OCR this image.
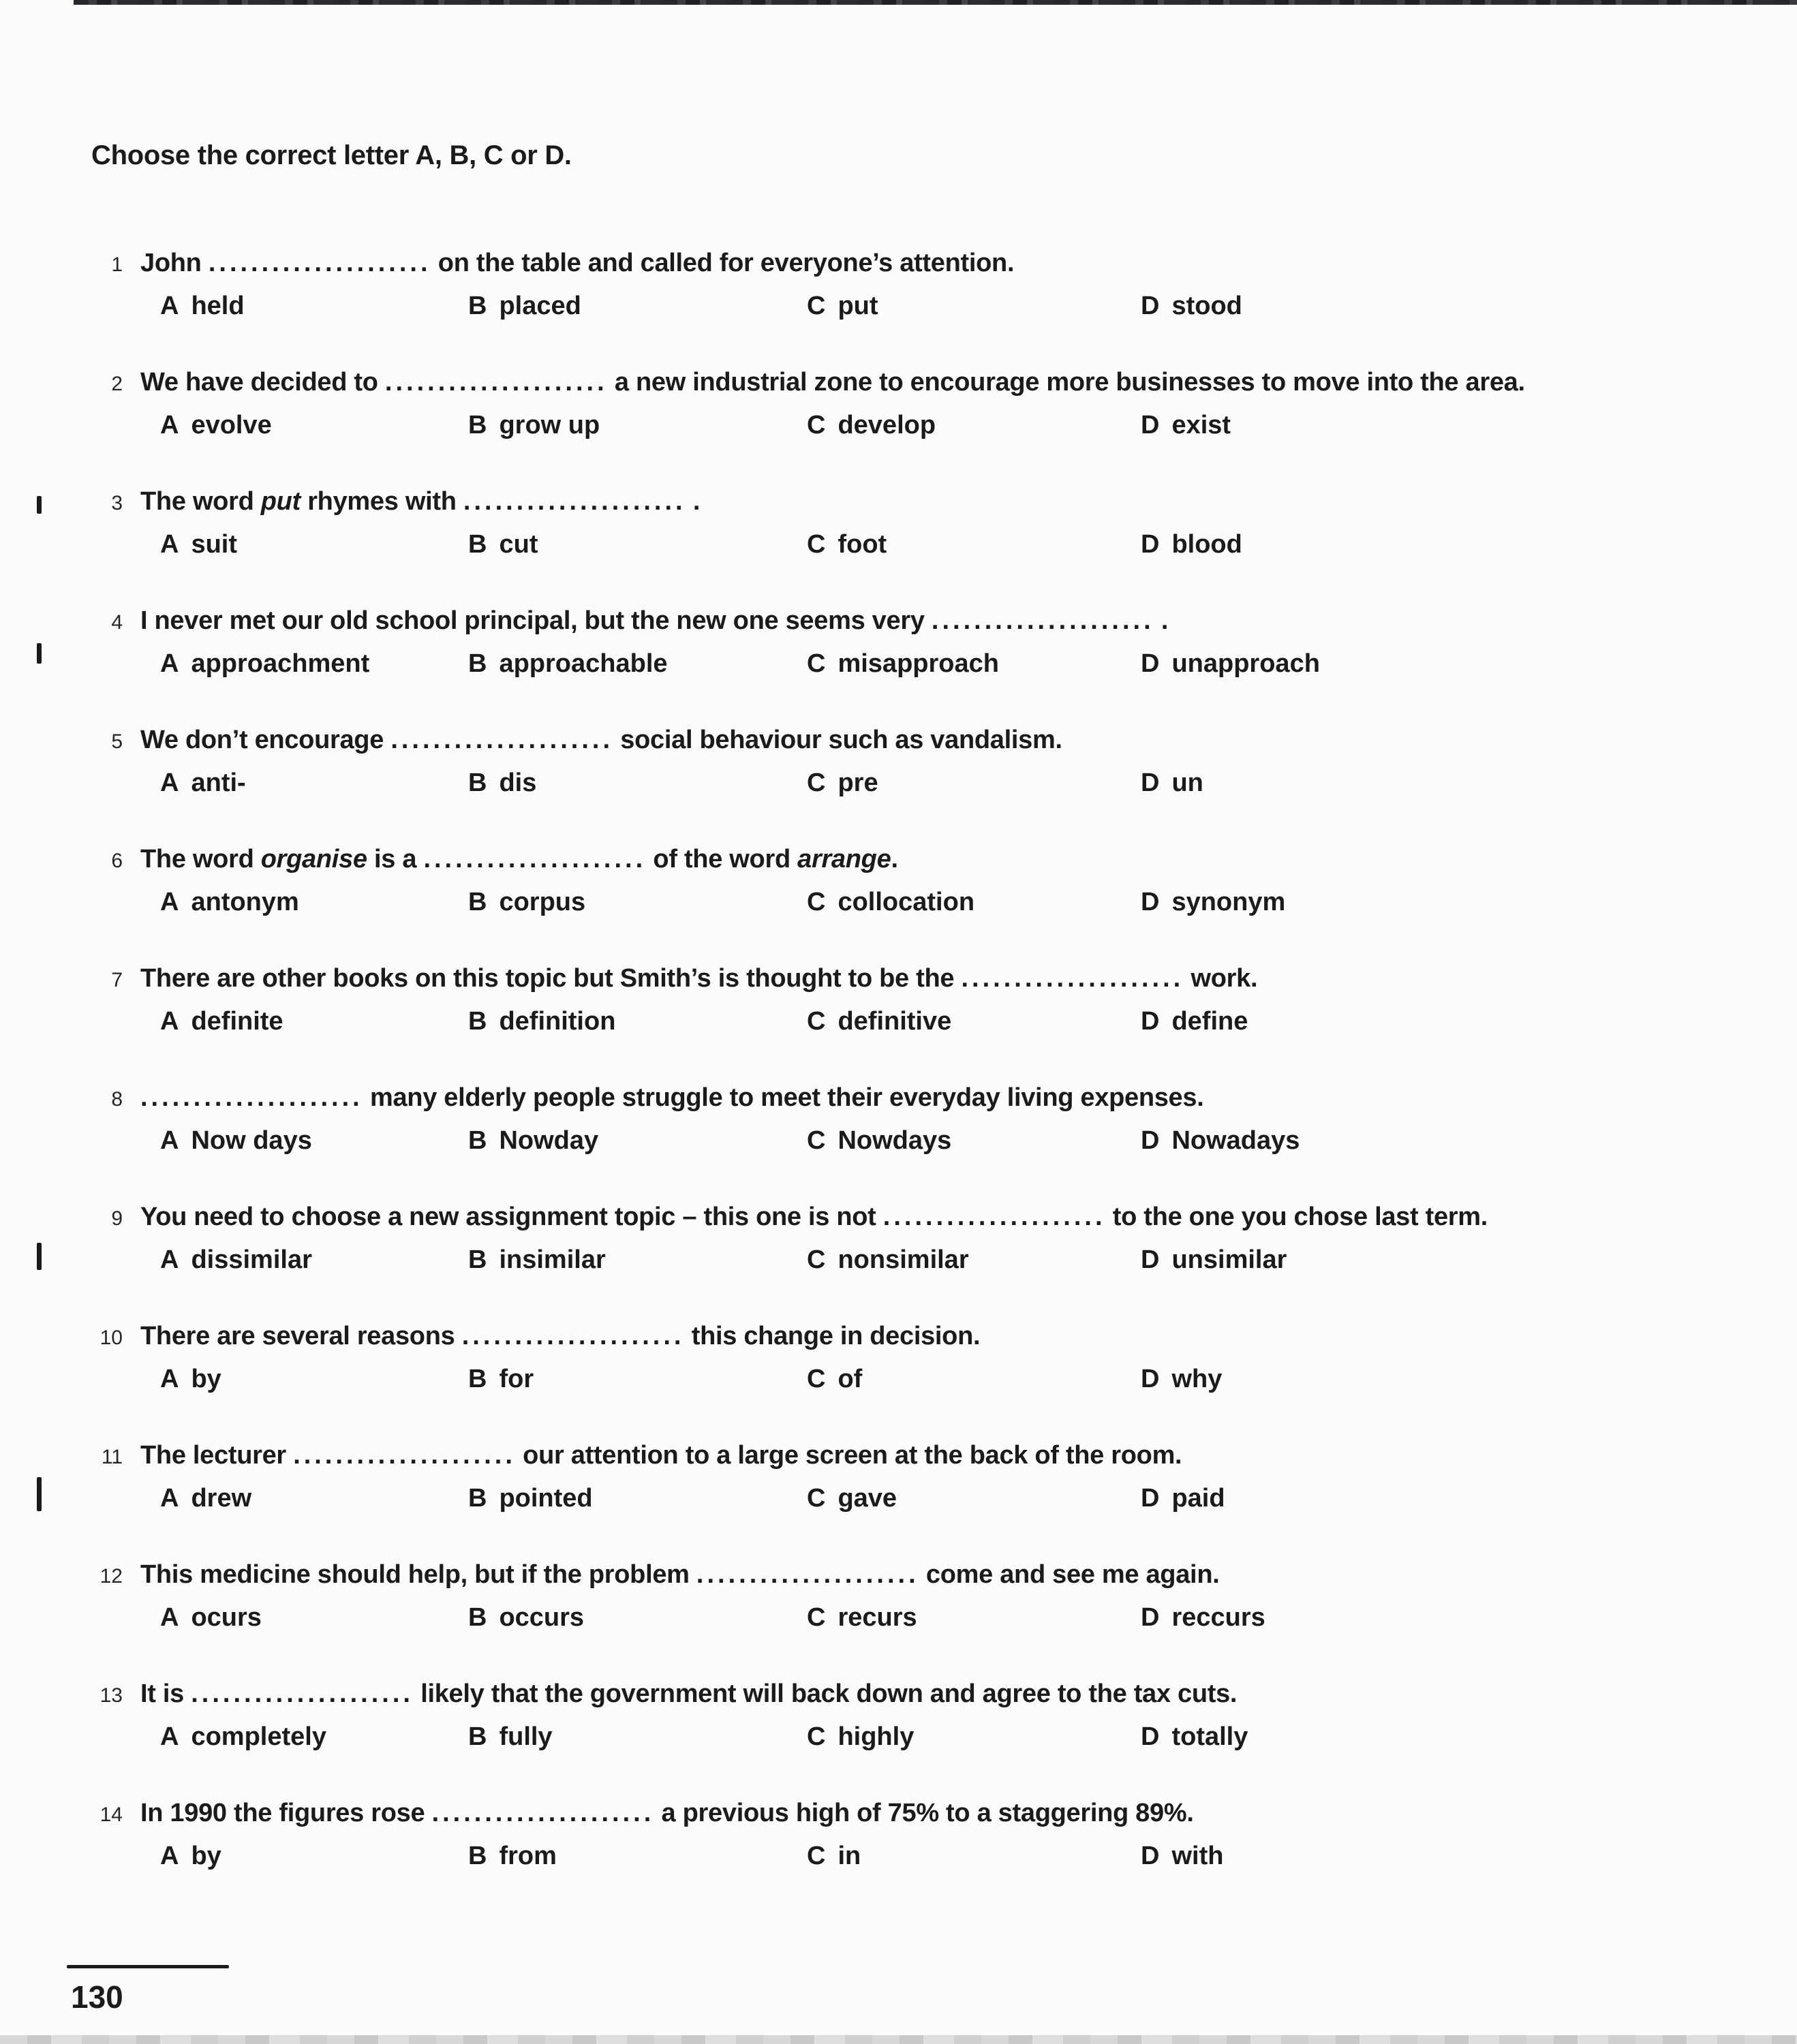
Choose the correct letter A, B, C or D.
1 John ..................... on the table and called for everyone’s attention.
A held	B placed	C put	D stood
2 We have decided to ..................... a new industrial zone to encourage more businesses to move into the area.
A evolve	B grow up	C develop	D exist
3 The word put rhymes with ..................... .
A suit	B cut	C foot	D blood
4 I never met our old school principal, but the new one seems very ..................... .
A approachment	B approachable	C misapproach	D unapproach
5 We don’t encourage ..................... social behaviour such as vandalism.
A anti-	B dis	C pre	D un
6 The word organise is a ..................... of the word arrange.
A antonym	B corpus	C collocation	D synonym
7 There are other books on this topic but Smith’s is thought to be the ..................... work.
A definite	B definition	C definitive	D define
8 ..................... many elderly people struggle to meet their everyday living expenses.
A Now days	B Nowday	C Nowdays	D Nowadays
9 You need to choose a new assignment topic – this one is not ..................... to the one you chose last term.
A dissimilar	B insimilar	C nonsimilar	D unsimilar
10 There are several reasons ..................... this change in decision.
A by	B for	C of	D why
11 The lecturer ..................... our attention to a large screen at the back of the room.
A drew	B pointed	C gave	D paid
12 This medicine should help, but if the problem ..................... come and see me again.
A ocurs	B occurs	C recurs	D reccurs
13 It is ..................... likely that the government will back down and agree to the tax cuts.
A completely	B fully	C highly	D totally
14 In 1990 the figures rose ..................... a previous high of 75% to a staggering 89%.
A by	B from	C in	D with
130
